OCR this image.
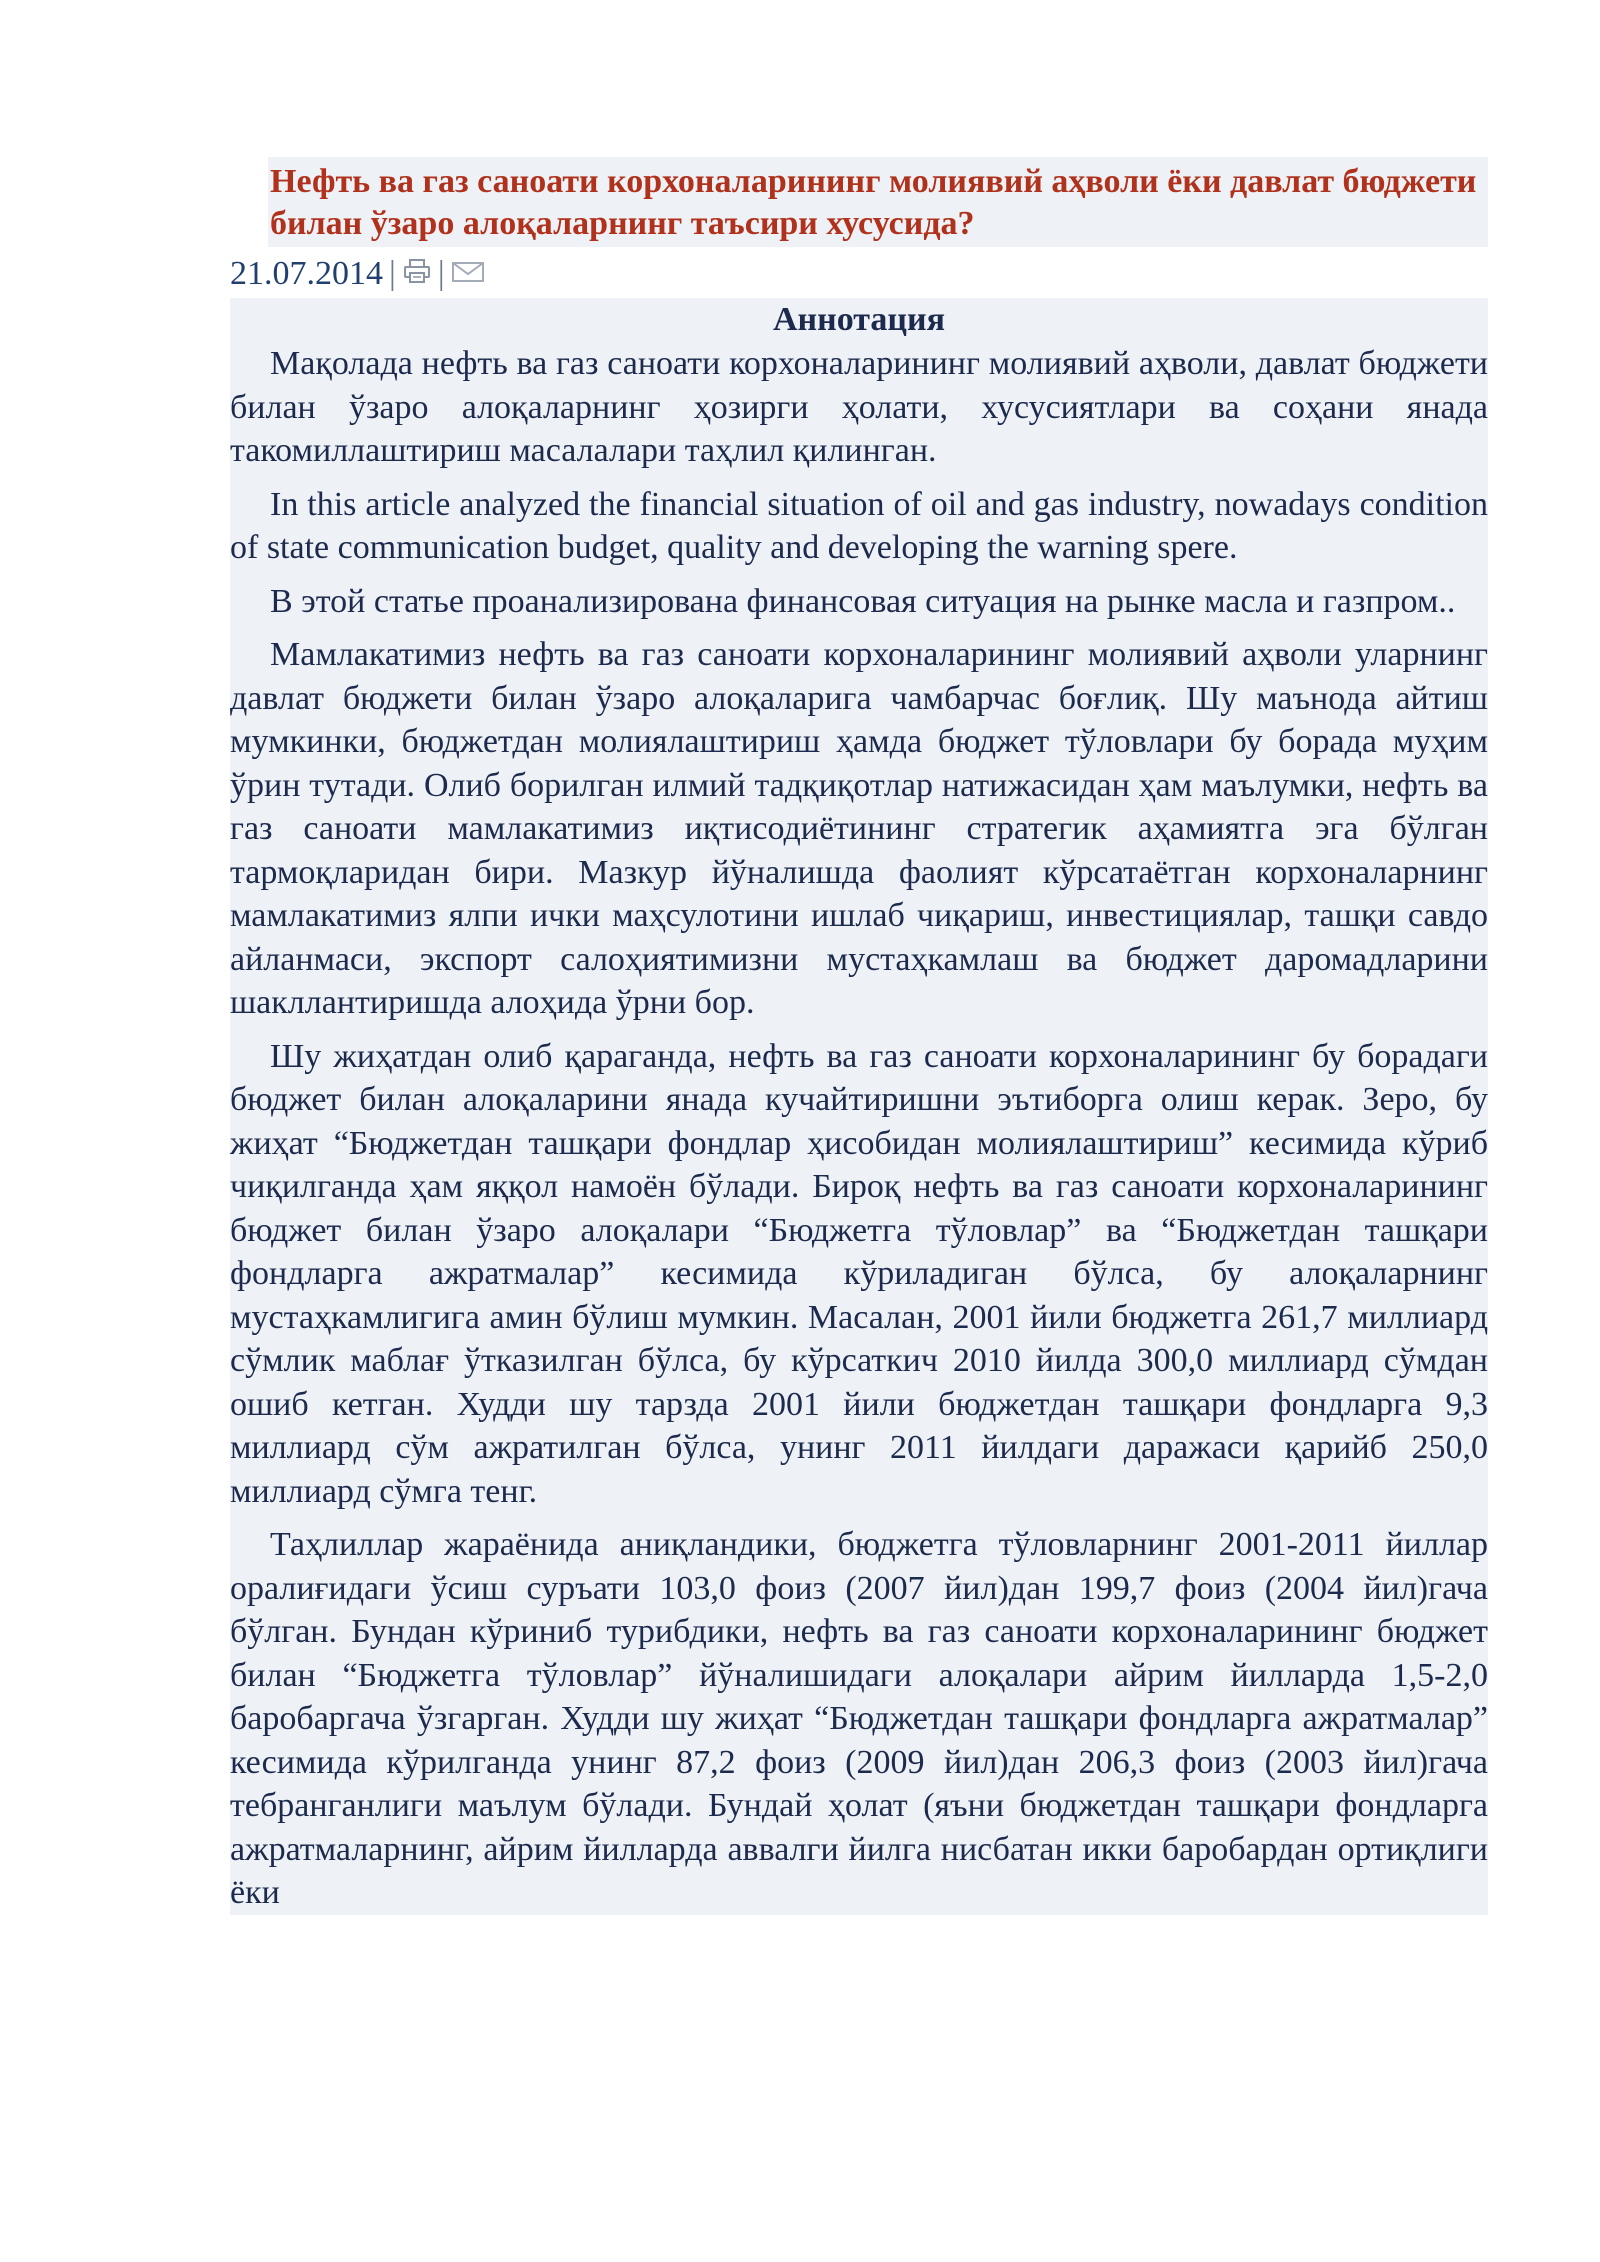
Нефть ва газ саноати корхоналарининг молиявий аҳволи ёки давлат бюджети билан ўзаро алоқаларнинг таъсири хусусида?
21.07.2014 | |

Аннотация

Мақолада нефть ва газ саноати корхоналарининг молиявий аҳволи, давлат бюджети билан ўзаро алоқаларнинг ҳозирги ҳолати, хусусиятлари ва соҳани янада такомиллаштириш масалалари таҳлил қилинган.

In this article analyzed the financial situation of oil and gas industry, nowadays condition of state communication budget, quality and developing the warning spere.

В этой статье проанализирована финансовая ситуация на рынке масла и газпром..

Мамлакатимиз нефть ва газ саноати корхоналарининг молиявий аҳволи уларнинг давлат бюджети билан ўзаро алоқаларига чамбарчас боғлиқ. Шу маънода айтиш мумкинки, бюджетдан молиялаштириш ҳамда бюджет тўловлари бу борада муҳим ўрин тутади. Олиб борилган илмий тадқиқотлар натижасидан ҳам маълумки, нефть ва газ саноати мамлакатимиз иқтисодиётининг стратегик аҳамиятга эга бўлган тармоқларидан бири. Мазкур йўналишда фаолият кўрсатаётган корхоналарнинг мамлакатимиз ялпи ички маҳсулотини ишлаб чиқариш, инвестициялар, ташқи савдо айланмаси, экспорт салоҳиятимизни мустаҳкамлаш ва бюджет даромадларини шакллантиришда алоҳида ўрни бор.

Шу жиҳатдан олиб қараганда, нефть ва газ саноати корхоналарининг бу борадаги бюджет билан алоқаларини янада кучайтиришни эътиборга олиш керак. Зеро, бу жиҳат “Бюджетдан ташқари фондлар ҳисобидан молиялаштириш” кесимида кўриб чиқилганда ҳам яққол намоён бўлади. Бироқ нефть ва газ саноати корхоналарининг бюджет билан ўзаро алоқалари “Бюджетга тўловлар” ва “Бюджетдан ташқари фондларга ажратмалар” кесимида кўриладиган бўлса, бу алоқаларнинг мустаҳкамлигига амин бўлиш мумкин. Масалан, 2001 йили бюджетга 261,7 миллиард сўмлик маблағ ўтказилган бўлса, бу кўрсаткич 2010 йилда 300,0 миллиард сўмдан ошиб кетган. Худди шу тарзда 2001 йили бюджетдан ташқари фондларга 9,3 миллиард сўм ажратилган бўлса, унинг 2011 йилдаги даражаси қарийб 250,0 миллиард сўмга тенг.

Таҳлиллар жараёнида аниқландики, бюджетга тўловларнинг 2001-2011 йиллар оралиғидаги ўсиш суръати 103,0 фоиз (2007 йил)дан 199,7 фоиз (2004 йил)гача бўлган. Бундан кўриниб турибдики, нефть ва газ саноати корхоналарининг бюджет билан “Бюджетга тўловлар” йўналишидаги алоқалари айрим йилларда 1,5-2,0 баробаргача ўзгарган. Худди шу жиҳат “Бюджетдан ташқари фондларга ажратмалар” кесимида кўрилганда унинг 87,2 фоиз (2009 йил)дан 206,3 фоиз (2003 йил)гача тебранганлиги маълум бўлади. Бундай ҳолат (яъни бюджетдан ташқари фондларга ажратмаларнинг, айрим йилларда аввалги йилга нисбатан икки баробардан ортиқлиги ёки
